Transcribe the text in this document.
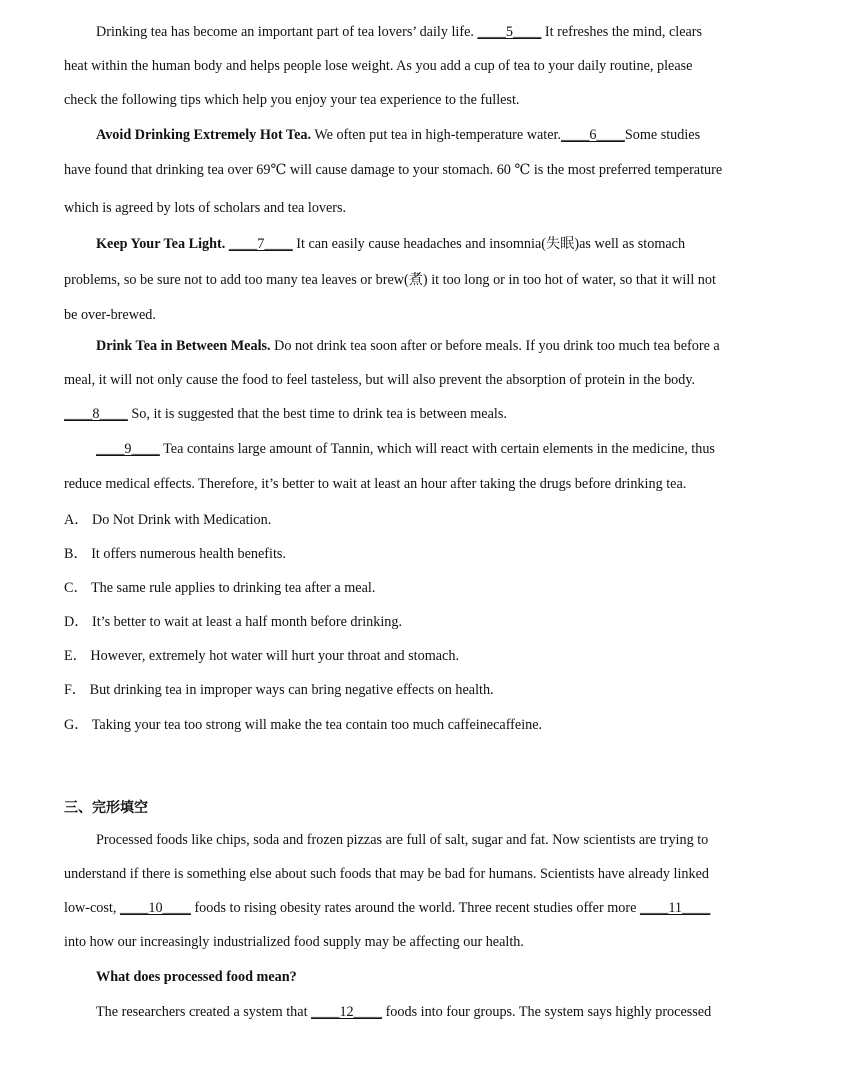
Drinking tea has become an important part of tea lovers’ daily life. ____5____ It refreshes the mind, clears
heat within the human body and helps people lose weight. As you add a cup of tea to your daily routine, please
check the following tips which help you enjoy your tea experience to the fullest.
Avoid Drinking Extremely Hot Tea. We often put tea in high-temperature water.____6____Some studies
have found that drinking tea over 69℃ will cause damage to your stomach. 60 ℃ is the most preferred temperature
which is agreed by lots of scholars and tea lovers.
Keep Your Tea Light. ____7____ It can easily cause headaches and insomnia(失眠)as well as stomach
problems, so be sure not to add too many tea leaves or brew(煮) it too long or in too hot of water, so that it will not
be over-brewed.
Drink Tea in Between Meals. Do not drink tea soon after or before meals. If you drink too much tea before a
meal, it will not only cause the food to feel tasteless, but will also prevent the absorption of protein in the body.
____8____ So, it is suggested that the best time to drink tea is between meals.
____9____ Tea contains large amount of Tannin, which will react with certain elements in the medicine, thus
reduce medical effects. Therefore, it’s better to wait at least an hour after taking the drugs before drinking tea.
A． Do Not Drink with Medication.
B． It offers numerous health benefits.
C． The same rule applies to drinking tea after a meal.
D． It’s better to wait at least a half month before drinking.
E． However, extremely hot water will hurt your throat and stomach.
F． But drinking tea in improper ways can bring negative effects on health.
G． Taking your tea too strong will make the tea contain too much caffeinecaffeine.
三、完形填空
Processed foods like chips, soda and frozen pizzas are full of salt, sugar and fat. Now scientists are trying to
understand if there is something else about such foods that may be bad for humans. Scientists have already linked
low-cost, ____10____ foods to rising obesity rates around the world. Three recent studies offer more ____11____
into how our increasingly industrialized food supply may be affecting our health.
What does processed food mean?
The researchers created a system that ____12____ foods into four groups. The system says highly processed
